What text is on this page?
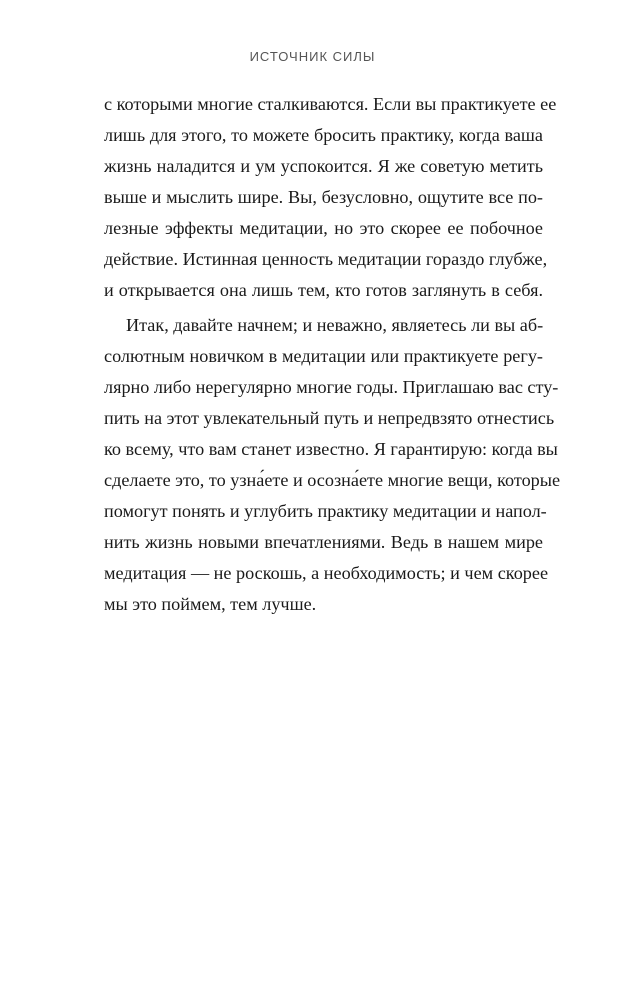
ИСТОЧНИК СИЛЫ
с которыми многие сталкиваются. Если вы практикуете ее
лишь для этого, то можете бросить практику, когда ваша
жизнь наладится и ум успокоится. Я же советую метить
выше и мыслить шире. Вы, безусловно, ощутите все по-
лезные эффекты медитации, но это скорее ее побочное
действие. Истинная ценность медитации гораздо глубже,
и открывается она лишь тем, кто готов заглянуть в себя.
Итак, давайте начнем; и неважно, являетесь ли вы аб-
солютным новичком в медитации или практикуете регу-
лярно либо нерегулярно многие годы. Приглашаю вас сту-
пить на этот увлекательный путь и непредвзято отнестись
ко всему, что вам станет известно. Я гарантирую: когда вы
сделаете это, то узна́ете и осозна́ете многие вещи, которые
помогут понять и углубить практику медитации и напол-
нить жизнь новыми впечатлениями. Ведь в нашем мире
медитация — не роскошь, а необходимость; и чем скорее
мы это поймем, тем лучше.
